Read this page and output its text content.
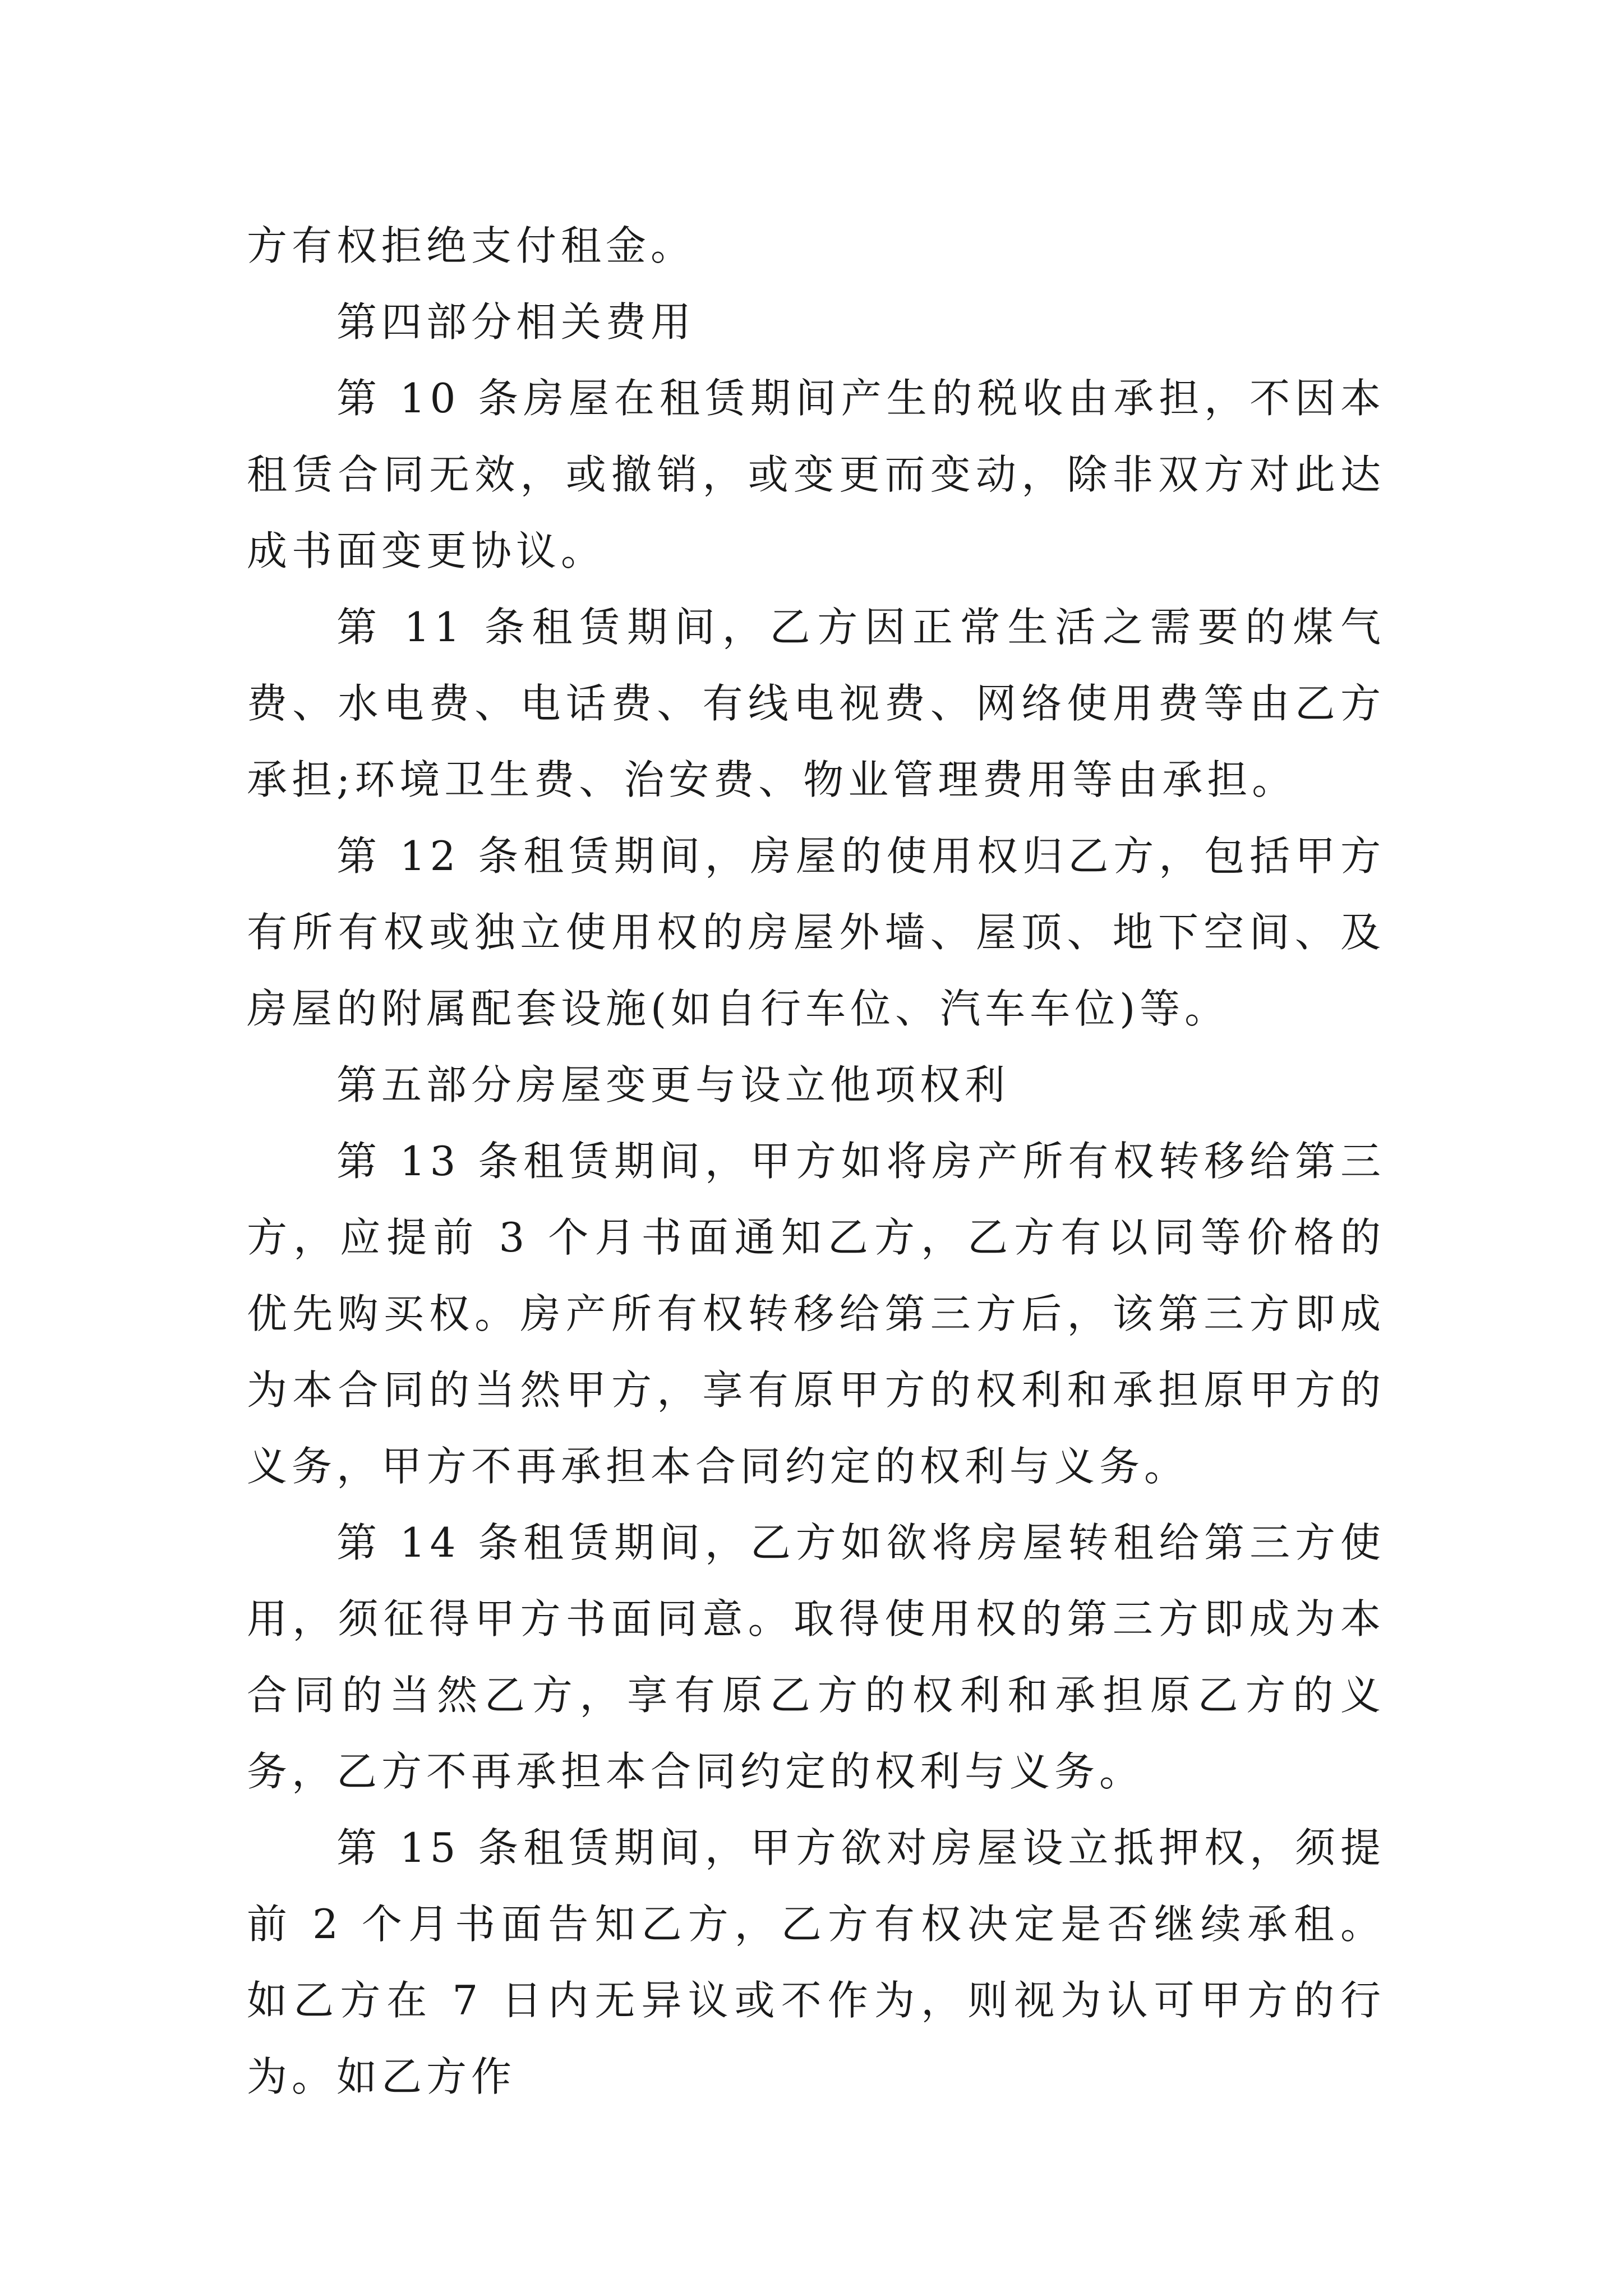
方有权拒绝支付租金。

第四部分相关费用

第 10 条房屋在租赁期间产生的税收由承担，不因本租赁合同无效，或撤销，或变更而变动，除非双方对此达成书面变更协议。

第 11 条租赁期间，乙方因正常生活之需要的煤气费、水电费、电话费、有线电视费、网络使用费等由乙方承担;环境卫生费、治安费、物业管理费用等由承担。

第 12 条租赁期间，房屋的使用权归乙方，包括甲方有所有权或独立使用权的房屋外墙、屋顶、地下空间、及房屋的附属配套设施(如自行车位、汽车车位)等。

第五部分房屋变更与设立他项权利

第 13 条租赁期间，甲方如将房产所有权转移给第三方，应提前 3 个月书面通知乙方，乙方有以同等价格的优先购买权。房产所有权转移给第三方后，该第三方即成为本合同的当然甲方，享有原甲方的权利和承担原甲方的义务，甲方不再承担本合同约定的权利与义务。

第 14 条租赁期间，乙方如欲将房屋转租给第三方使用，须征得甲方书面同意。取得使用权的第三方即成为本合同的当然乙方，享有原乙方的权利和承担原乙方的义务，乙方不再承担本合同约定的权利与义务。

第 15 条租赁期间，甲方欲对房屋设立抵押权，须提前 2 个月书面告知乙方，乙方有权决定是否继续承租。如乙方在 7 日内无异议或不作为，则视为认可甲方的行为。如乙方作
